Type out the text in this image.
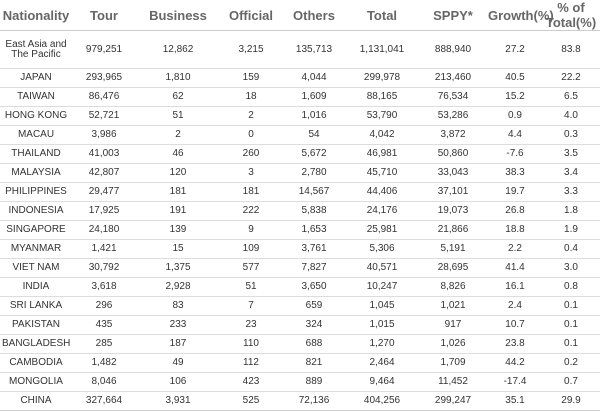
Nationality	Tour	Business	Official	Others	Total	SPPY*	Growth(%)	% of Total(%)
East Asia and The Pacific	979,251	12,862	3,215	135,713	1,131,041	888,940	27.2	83.8
JAPAN	293,965	1,810	159	4,044	299,978	213,460	40.5	22.2
TAIWAN	86,476	62	18	1,609	88,165	76,534	15.2	6.5
HONG KONG	52,721	51	2	1,016	53,790	53,286	0.9	4.0
MACAU	3,986	2	0	54	4,042	3,872	4.4	0.3
THAILAND	41,003	46	260	5,672	46,981	50,860	-7.6	3.5
MALAYSIA	42,807	120	3	2,780	45,710	33,043	38.3	3.4
PHILIPPINES	29,477	181	181	14,567	44,406	37,101	19.7	3.3
INDONESIA	17,925	191	222	5,838	24,176	19,073	26.8	1.8
SINGAPORE	24,180	139	9	1,653	25,981	21,866	18.8	1.9
MYANMAR	1,421	15	109	3,761	5,306	5,191	2.2	0.4
VIET NAM	30,792	1,375	577	7,827	40,571	28,695	41.4	3.0
INDIA	3,618	2,928	51	3,650	10,247	8,826	16.1	0.8
SRI LANKA	296	83	7	659	1,045	1,021	2.4	0.1
PAKISTAN	435	233	23	324	1,015	917	10.7	0.1
BANGLADESH	285	187	110	688	1,270	1,026	23.8	0.1
CAMBODIA	1,482	49	112	821	2,464	1,709	44.2	0.2
MONGOLIA	8,046	106	423	889	9,464	11,452	-17.4	0.7
CHINA	327,664	3,931	525	72,136	404,256	299,247	35.1	29.9
